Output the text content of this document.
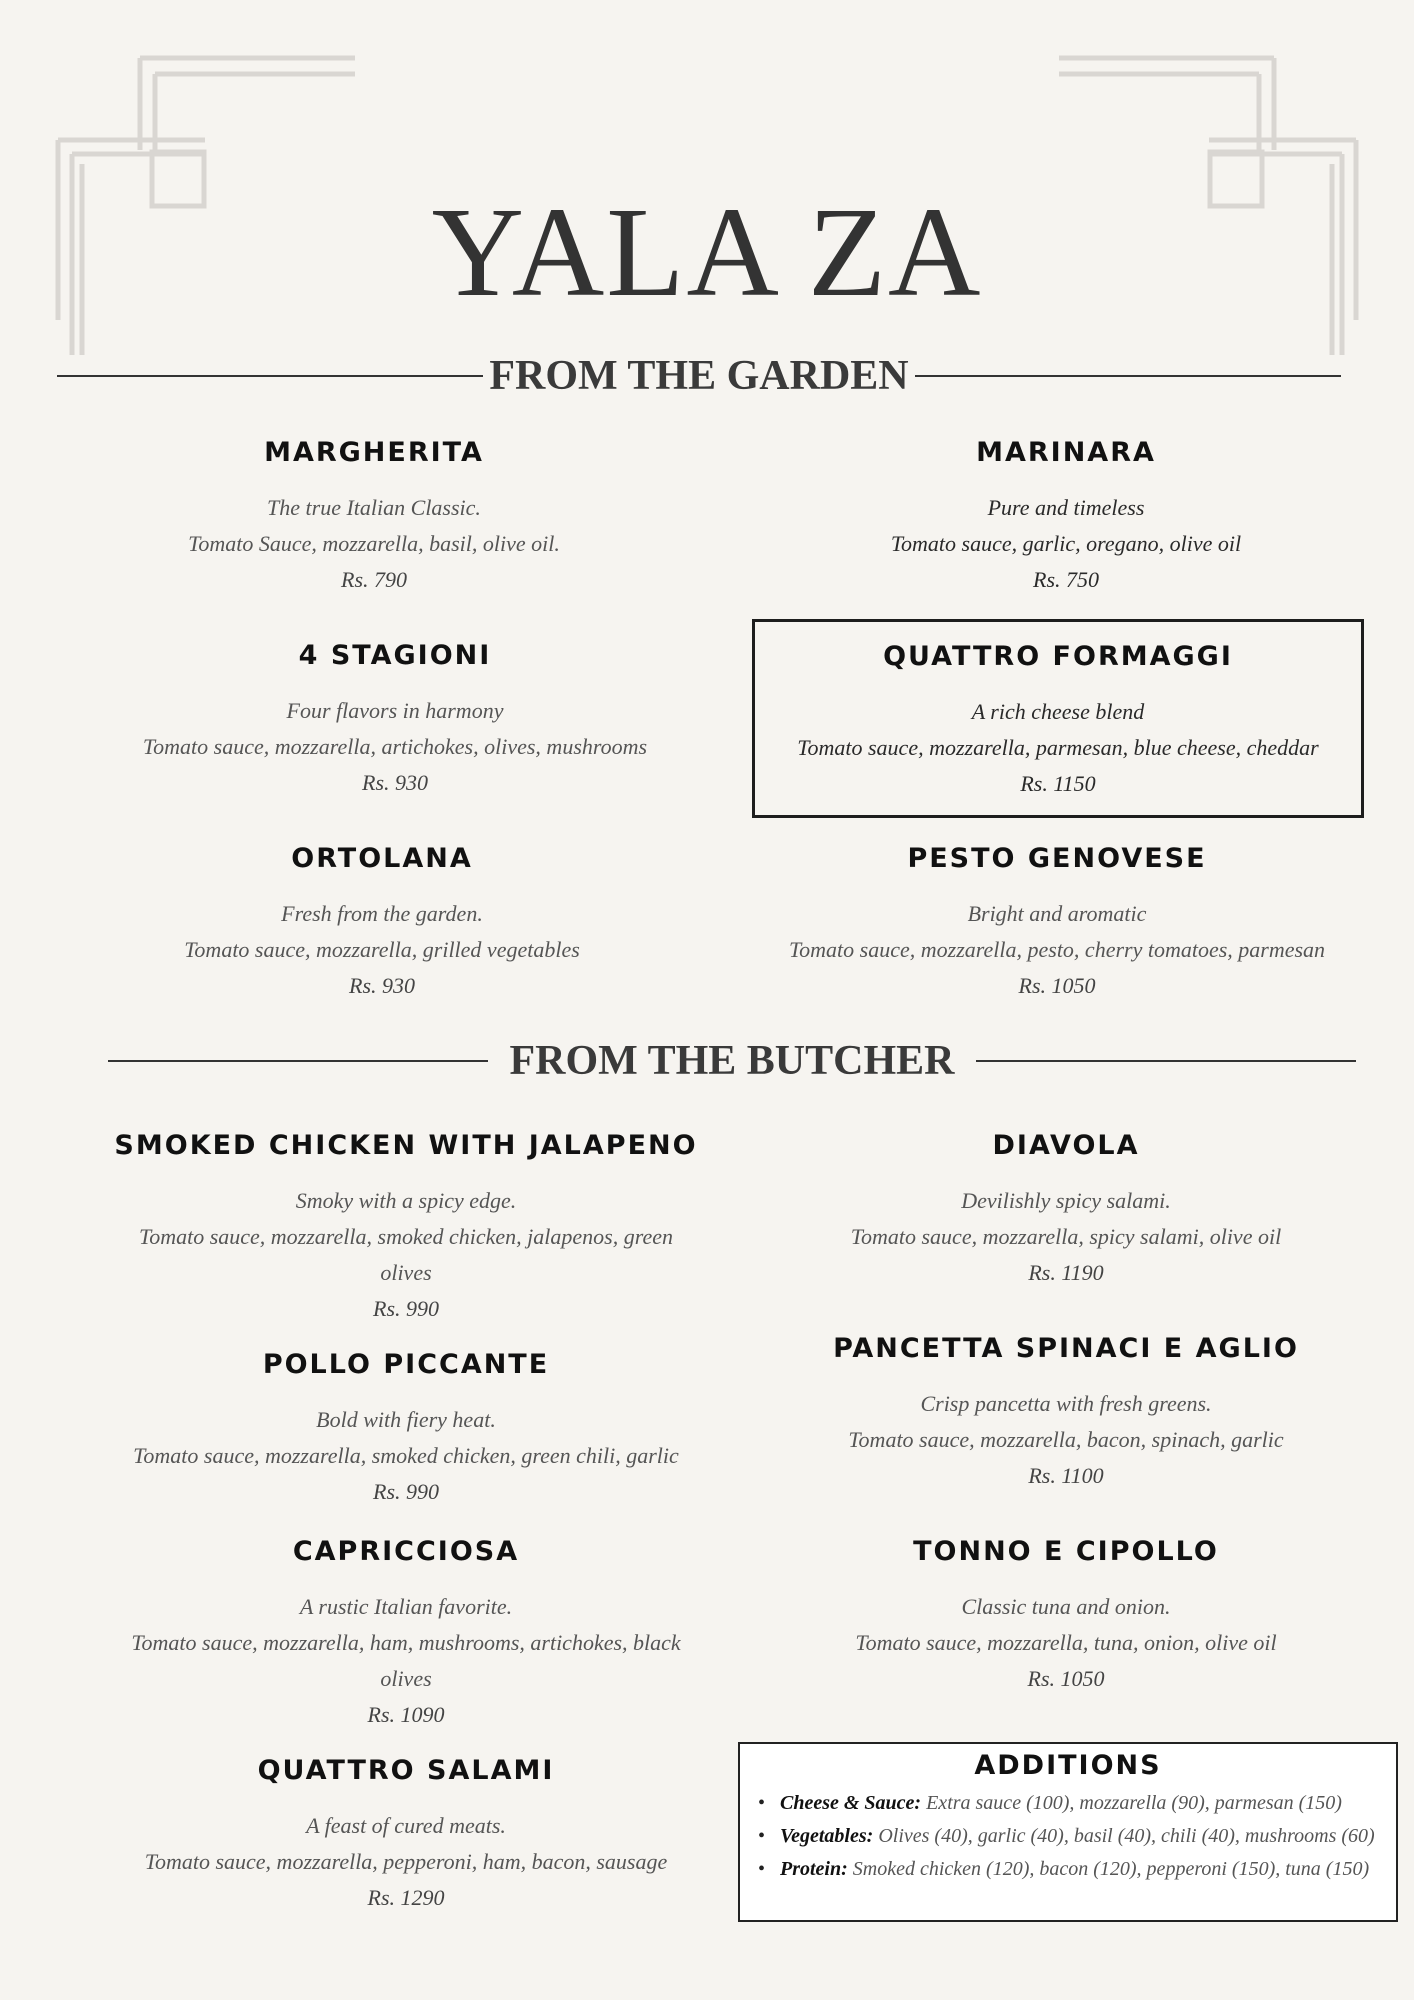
YALA ZA
FROM THE GARDEN
MARGHERITA
The true Italian Classic.
Tomato Sauce, mozzarella, basil, olive oil.
Rs. 790
MARINARA
Pure and timeless
Tomato sauce, garlic, oregano, olive oil
Rs. 750
4 STAGIONI
Four flavors in harmony
Tomato sauce, mozzarella, artichokes, olives, mushrooms
Rs. 930
QUATTRO FORMAGGI
A rich cheese blend
Tomato sauce, mozzarella, parmesan, blue cheese, cheddar
Rs. 1150
ORTOLANA
Fresh from the garden.
Tomato sauce, mozzarella, grilled vegetables
Rs. 930
PESTO GENOVESE
Bright and aromatic
Tomato sauce, mozzarella, pesto, cherry tomatoes, parmesan
Rs. 1050
FROM THE BUTCHER
SMOKED CHICKEN WITH JALAPENO
Smoky with a spicy edge.
Tomato sauce, mozzarella, smoked chicken, jalapenos, green
olives
Rs. 990
DIAVOLA
Devilishly spicy salami.
Tomato sauce, mozzarella, spicy salami, olive oil
Rs. 1190
POLLO PICCANTE
Bold with fiery heat.
Tomato sauce, mozzarella, smoked chicken, green chili, garlic
Rs. 990
PANCETTA SPINACI E AGLIO
Crisp pancetta with fresh greens.
Tomato sauce, mozzarella, bacon, spinach, garlic
Rs. 1100
CAPRICCIOSA
A rustic Italian favorite.
Tomato sauce, mozzarella, ham, mushrooms, artichokes, black
olives
Rs. 1090
TONNO E CIPOLLO
Classic tuna and onion.
Tomato sauce, mozzarella, tuna, onion, olive oil
Rs. 1050
QUATTRO SALAMI
A feast of cured meats.
Tomato sauce, mozzarella, pepperoni, ham, bacon, sausage
Rs. 1290
ADDITIONS
• Cheese & Sauce: Extra sauce (100), mozzarella (90), parmesan (150)
• Vegetables: Olives (40), garlic (40), basil (40), chili (40), mushrooms (60)
• Protein: Smoked chicken (120), bacon (120), pepperoni (150), tuna (150)
